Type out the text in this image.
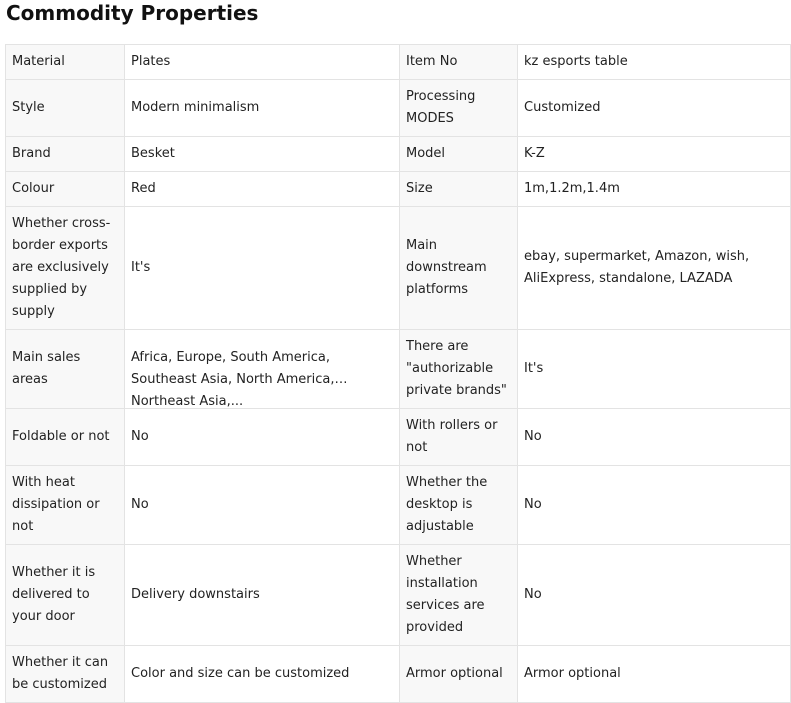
Commodity Properties
Material	Plates	Item No	kz esports table
Style	Modern minimalism	Processing MODES	Customized
Brand	Besket	Model	K-Z
Colour	Red	Size	1m,1.2m,1.4m
Whether cross-border exports are exclusively supplied by supply	It's	Main downstream platforms	ebay, supermarket, Amazon, wish, AliExpress, standalone, LAZADA
Main sales areas	Africa, Europe, South America, Southeast Asia, North America, Northeast Asia,...	There are "authorizable private brands"	It's
Foldable or not	No	With rollers or not	No
With heat dissipation or not	No	Whether the desktop is adjustable	No
Whether it is delivered to your door	Delivery downstairs	Whether installation services are provided	No
Whether it can be customized	Color and size can be customized	Armor optional	Armor optional
